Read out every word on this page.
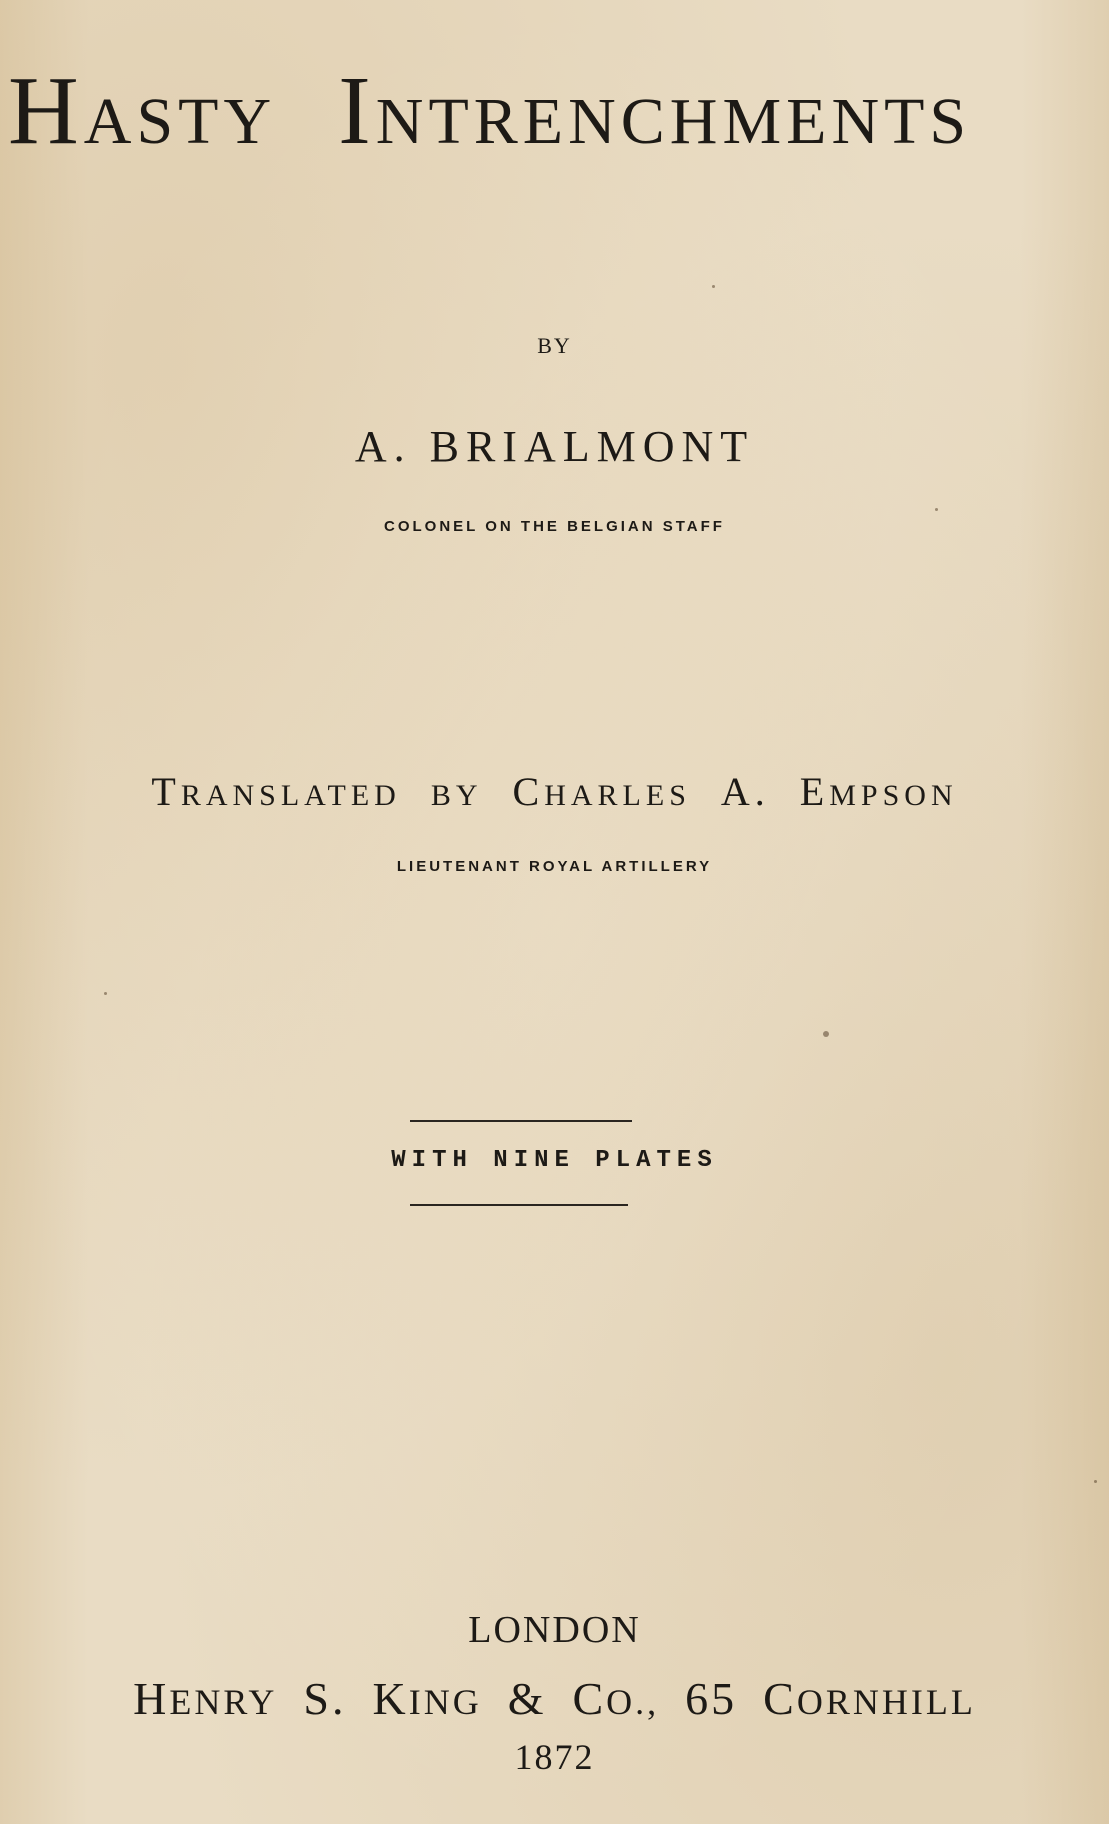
HASTY INTRENCHMENTS
BY
A. BRIALMONT
COLONEL ON THE BELGIAN STAFF
TRANSLATED BY CHARLES A. EMPSON
LIEUTENANT ROYAL ARTILLERY
WITH NINE PLATES
LONDON
HENRY S. KING & CO., 65 CORNHILL
1872
